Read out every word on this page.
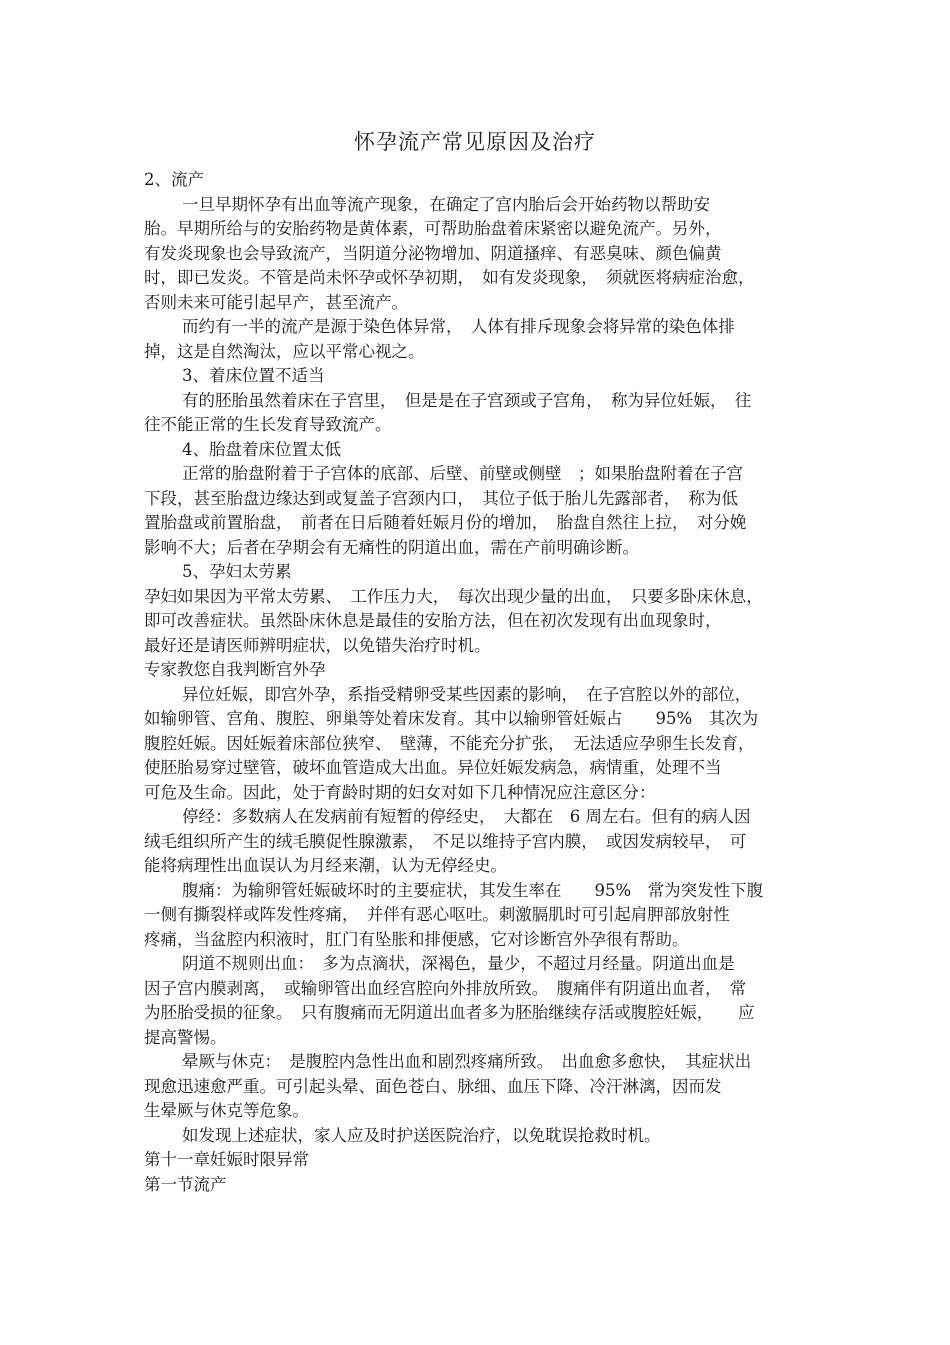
怀孕流产常见原因及治疗
2、流产
一旦早期怀孕有出血等流产现象，在确定了宫内胎后会开始药物以帮助安
胎。早期所给与的安胎药物是黄体素，可帮助胎盘着床紧密以避免流产。另外，
有发炎现象也会导致流产，当阴道分泌物增加、阴道搔痒、有恶臭味、颜色偏黄
时，即已发炎。不管是尚未怀孕或怀孕初期，　如有发炎现象，　须就医将病症治愈，
否则未来可能引起早产，甚至流产。
而约有一半的流产是源于染色体异常，　人体有排斥现象会将异常的染色体排
掉，这是自然淘汰，应以平常心视之。
3、着床位置不适当
有的胚胎虽然着床在子宫里，　但是是在子宫颈或子宫角，　称为异位妊娠，　往
往不能正常的生长发育导致流产。
4、胎盘着床位置太低
正常的胎盘附着于子宫体的底部、后壁、前壁或侧壁　；如果胎盘附着在子宫
下段，甚至胎盘边缘达到或复盖子宫颈内口，　其位子低于胎儿先露部者，　称为低
置胎盘或前置胎盘，　前者在日后随着妊娠月份的增加，　胎盘自然往上拉，　对分娩
影响不大；后者在孕期会有无痛性的阴道出血，需在产前明确诊断。
5、孕妇太劳累
孕妇如果因为平常太劳累、　工作压力大，　每次出现少量的出血，　只要多卧床休息，
即可改善症状。虽然卧床休息是最佳的安胎方法，但在初次发现有出血现象时，
最好还是请医师辨明症状，以免错失治疗时机。
专家教您自我判断宫外孕
异位妊娠，即宫外孕，系指受精卵受某些因素的影响，　在子宫腔以外的部位，
如输卵管、宫角、腹腔、卵巢等处着床发育。其中以输卵管妊娠占　　95%　其次为
腹腔妊娠。因妊娠着床部位狭窄、　壁薄，不能充分扩张，　无法适应孕卵生长发育，
使胚胎易穿过壁管，破坏血管造成大出血。异位妊娠发病急，病情重，处理不当
可危及生命。因此，处于育龄时期的妇女对如下几种情况应注意区分：
停经：多数病人在发病前有短暂的停经史，　大都在　6 周左右。但有的病人因
绒毛组织所产生的绒毛膜促性腺激素，　不足以维持子宫内膜，　或因发病较早，　可
能将病理性出血误认为月经来潮，认为无停经史。
腹痛：为输卵管妊娠破坏时的主要症状，其发生率在　　95%　常为突发性下腹
一侧有撕裂样或阵发性疼痛，　并伴有恶心呕吐。刺激膈肌时可引起肩胛部放射性
疼痛，当盆腔内积液时，肛门有坠胀和排便感，它对诊断宫外孕很有帮助。
阴道不规则出血：　多为点滴状，深褐色，量少，不超过月经量。阴道出血是
因子宫内膜剥离，　或输卵管出血经宫腔向外排放所致。　腹痛伴有阴道出血者，　常
为胚胎受损的征象。　只有腹痛而无阴道出血者多为胚胎继续存活或腹腔妊娠，　　应
提高警惕。
晕厥与休克：　是腹腔内急性出血和剧烈疼痛所致。　出血愈多愈快，　其症状出
现愈迅速愈严重。可引起头晕、面色苍白、脉细、血压下降、冷汗淋漓，因而发
生晕厥与休克等危象。
如发现上述症状，家人应及时护送医院治疗，以免耽误抢救时机。
第十一章妊娠时限异常
第一节流产
